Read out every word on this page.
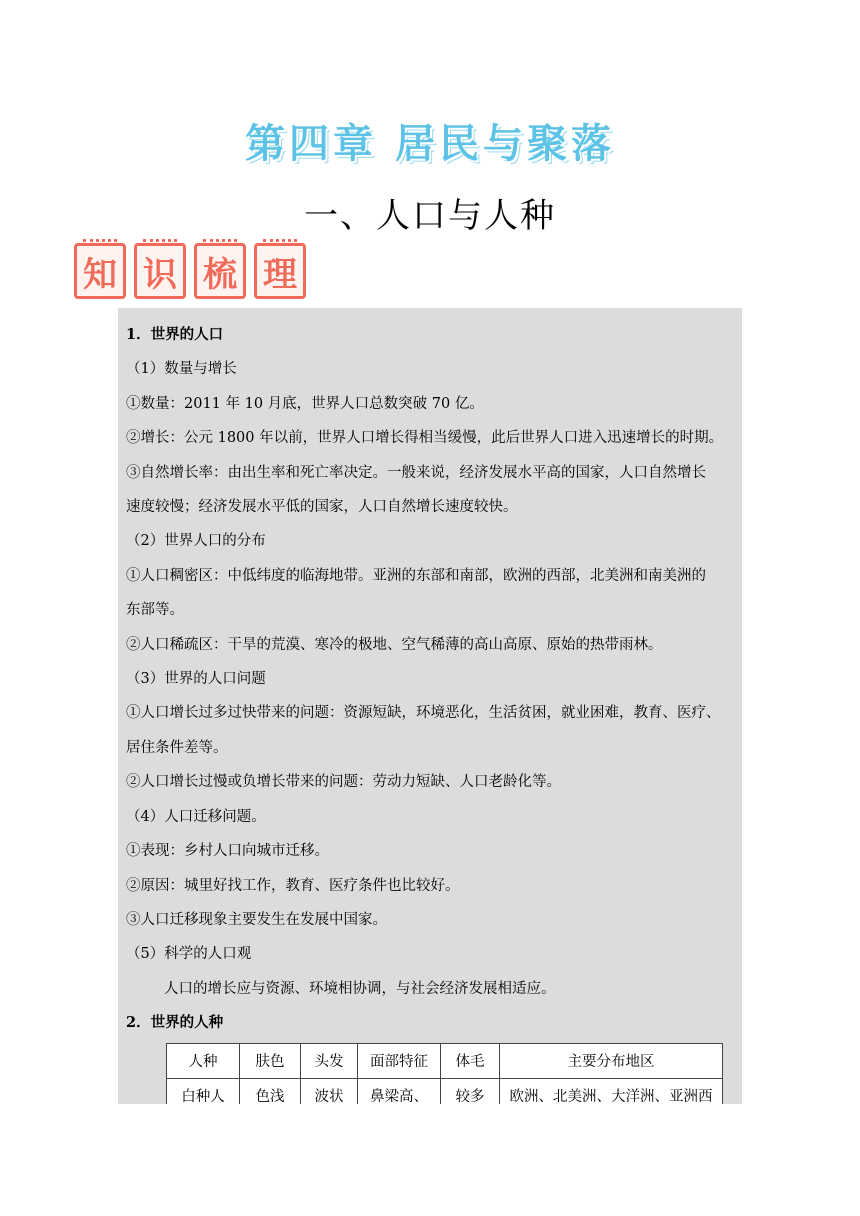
第四章 居民与聚落
一、人口与人种
知 识 梳 理
1．世界的人口
（1）数量与增长
①数量：2011 年 10 月底，世界人口总数突破 70 亿。
②增长：公元 1800 年以前，世界人口增长得相当缓慢，此后世界人口进入迅速增长的时期。
③自然增长率：由出生率和死亡率决定。一般来说，经济发展水平高的国家，人口自然增长
速度较慢；经济发展水平低的国家，人口自然增长速度较快。
（2）世界人口的分布
①人口稠密区：中低纬度的临海地带。亚洲的东部和南部，欧洲的西部，北美洲和南美洲的
东部等。
②人口稀疏区：干旱的荒漠、寒冷的极地、空气稀薄的高山高原、原始的热带雨林。
（3）世界的人口问题
①人口增长过多过快带来的问题：资源短缺，环境恶化，生活贫困，就业困难，教育、医疗、
居住条件差等。
②人口增长过慢或负增长带来的问题：劳动力短缺、人口老龄化等。
（4）人口迁移问题。
①表现：乡村人口向城市迁移。
②原因：城里好找工作，教育、医疗条件也比较好。
③人口迁移现象主要发生在发展中国家。
（5）科学的人口观
人口的增长应与资源、环境相协调，与社会经济发展相适应。
2．世界的人种
人种	肤色	头发	面部特征	体毛	主要分布地区
白种人	色浅	波状	鼻梁高、	较多	欧洲、北美洲、大洋洲、亚洲西
